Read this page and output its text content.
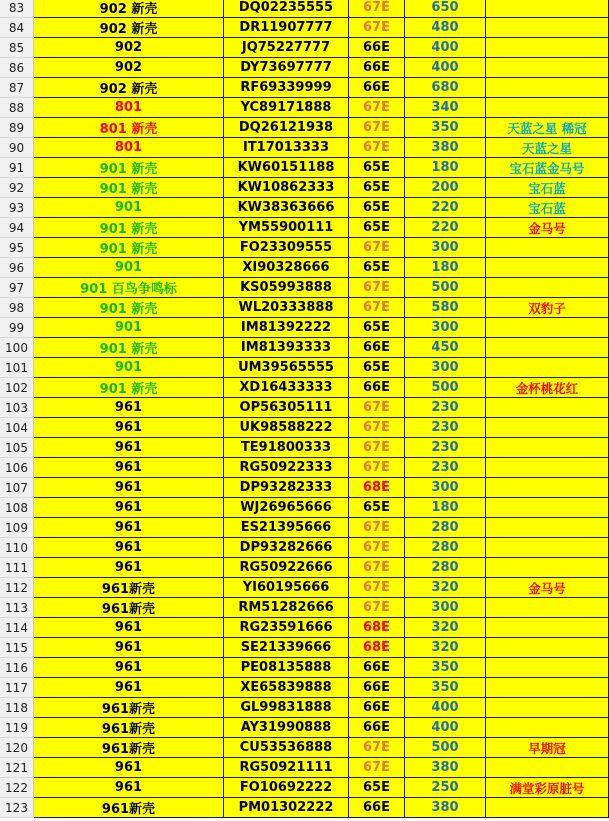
83	902 新壳	DQ02235555	67E	650
84	902 新壳	DR11907777	67E	480
85	902	JQ75227777	66E	400
86	902	DY73697777	66E	400
87	902 新壳	RF69339999	66E	680
88	801	YC89171888	67E	340
89	801 新壳	DQ26121938	67E	350	天蓝之星 稀冠
90	801	IT17013333	67E	380	天蓝之星
91	901 新壳	KW60151188	65E	180	宝石蓝金马号
92	901 新壳	KW10862333	65E	200	宝石蓝
93	901	KW38363666	65E	220	宝石蓝
94	901 新壳	YM55900111	65E	220	金马号
95	901 新壳	FO23309555	67E	300
96	901	XI90328666	65E	180
97	901 百鸟争鸣标	KS05993888	67E	500
98	901 新壳	WL20333888	67E	580	双豹子
99	901	IM81392222	65E	300
100	901 新壳	IM81393333	66E	450
101	901	UM39565555	65E	300
102	901 新壳	XD16433333	66E	500	金杯桃花红
103	961	OP56305111	67E	230
104	961	UK98588222	67E	230
105	961	TE91800333	67E	230
106	961	RG50922333	67E	230
107	961	DP93282333	68E	300
108	961	WJ26965666	65E	180
109	961	ES21395666	67E	280
110	961	DP93282666	67E	280
111	961	RG50922666	67E	280
112	961新壳	YI60195666	67E	320	金马号
113	961新壳	RM51282666	67E	300
114	961	RG23591666	68E	320
115	961	SE21339666	68E	320
116	961	PE08135888	66E	350
117	961	XE65839888	66E	350
118	961新壳	GL99831888	66E	400
119	961新壳	AY31990888	66E	400
120	961新壳	CU53536888	67E	500	早期冠
121	961	RG50921111	67E	380
122	961	FO10692222	65E	250	满堂彩原脏号
123	961新壳	PM01302222	66E	380
